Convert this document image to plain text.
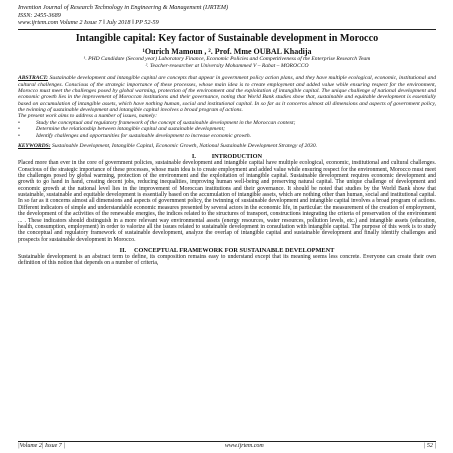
Invention Journal of Research Technology in Engineering & Management (IJRTEM)
ISSN: 2455-3689
www.ijrtem.com Volume 2 Issue 7 ǁ July 2018 ǁ PP 52-59
Intangible capital: Key factor of Sustainable development in Morocco
¹Ourich Mamoun , ². Prof. Mme OUBAL Khadija
¹. PHD Candidate (Second year) Laboratory Finance, Economic Policies and Competitiveness of the Enterprise Research Team
². Teacher-researcher at University Mohammed V – Rabat – MOROCCO
ABSTRACT: Sustainable development and intangible capital are concepts that appear in government policy action plans, and they have multiple ecological, economic, institutional and cultural challenges. Conscious of the strategic importance of these processes, whose main idea is to create employment and added value while ensuring respect for the environment, Morocco must meet the challenges posed by global warming, protection of the environment and the exploitation of intangible capital. The unique challenge of national development and economic growth lies in the improvement of Moroccan institutions and their governance, noting that World Bank studies show that, sustainable and equitable development is essentially based on accumulation of intangible assets, which have nothing human, social and institutional capital. In so far as it concerns almost all dimensions and aspects of government policy, the twinning of sustainable development and intangible capital involves a broad program of actions.
The present work aims to address a number of issues, namely:
• Study the conceptual and regulatory framework of the concept of sustainable development in the Moroccan context;
• Determine the relationship between intangible capital and sustainable development;
• Identify challenges and opportunities for sustainable development to increase economic growth.
KEYWORDS: Sustainable Development, Intangible Capital, Economic Growth, National Sustainable Development Strategy of 2030.
I.          INTRODUCTION
Placed more than ever in the core of government policies, sustainable development and intangible capital have multiple ecological, economic, institutional and cultural challenges. Conscious of the strategic importance of these processes, whose main idea is to create employment and added value while ensuring respect for the environment, Morocco must meet the challenges posed by global warming, protection of the environment and the exploitation of intangible capital. Sustainable development requires economic development and growth to go hand in hand, creating decent jobs, reducing inequalities, improving human well-being and preserving natural capital. The unique challenge of development and economic growth at the national level lies in the improvement of Moroccan institutions and their governance. It should be noted that studies by the World Bank show that sustainable, sustainable and equitable development is essentially based on the accumulation of intangible assets, which are nothing other than human, social and institutional capital. In so far as it concerns almost all dimensions and aspects of government policy, the twinning of sustainable development and intangible capital involves a broad program of actions. Different indicators of simple and understandable economic measures presented by several actors in the economic life, in particular: the measurement of the creation of employment, the development of the activities of the renewable energies, the indices related to the structures of transport, constructions integrating the criteria of preservation of the environment ... . These indicators should distinguish in a more relevant way environmental assets (energy resources, water resources, pollution levels, etc.) and intangible assets (education, health, consumption, employment) in order to valorize all the issues related to sustainable development in consultation with intangible capital. The purpose of this work is to study the conceptual and regulatory framework of sustainable development, analyze the overlap of intangible capital and sustainable development and finally identify challenges and prospects for sustainable development in Morocco.
II.     CONCEPTUAL FRAMEWORK FOR SUSTAINABLE DEVELOPMENT
Sustainable development is an abstract term to define, its composition remains easy to understand except that its meaning seems less concrete. Everyone can create their own definition of this notion that depends on a number of criteria,
|Volume 2| Issue 7 |	www.ijrtem.com	| 52 |
